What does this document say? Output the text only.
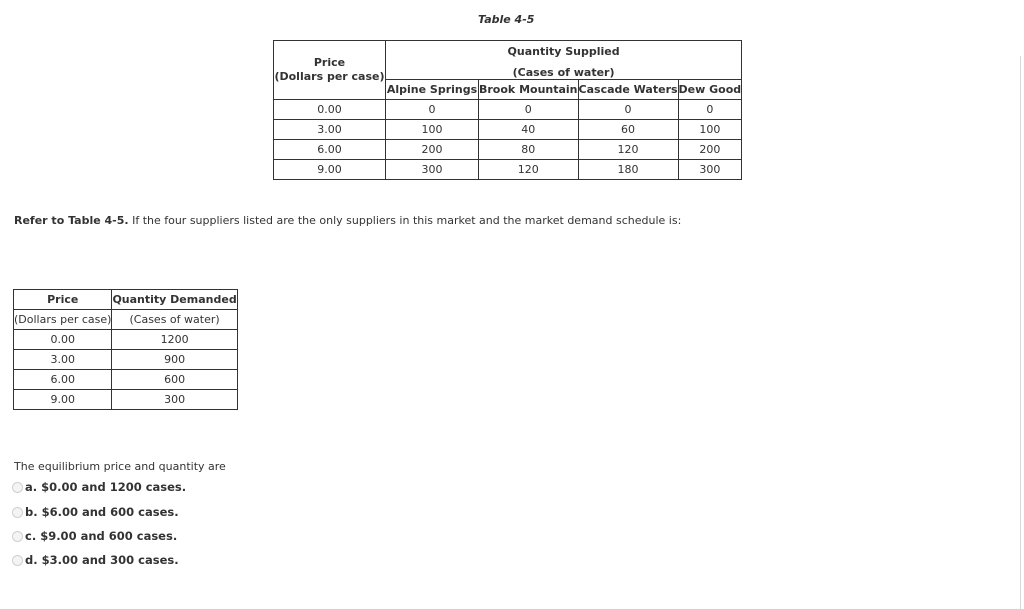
Table 4-5
Price	Quantity Supplied			
	(Cases of water)			

(Dollars per case)	Alpine Springs	Brook Mountain	Cascade Waters	Dew Good
0.00	0	0	0	0
3.00	100	40	60	100
6.00	200	80	120	200
9.00	300	120	180	300
Refer to Table 4-5. If the four suppliers listed are the only suppliers in this market and the market demand schedule is:
Price	Quantity Demanded
(Dollars per case)	(Cases of water)
0.00	1200
3.00	900
6.00	600
9.00	300
The equilibrium price and quantity are
a. $0.00 and 1200 cases.
b. $6.00 and 600 cases.
c. $9.00 and 600 cases.
d. $3.00 and 300 cases.
